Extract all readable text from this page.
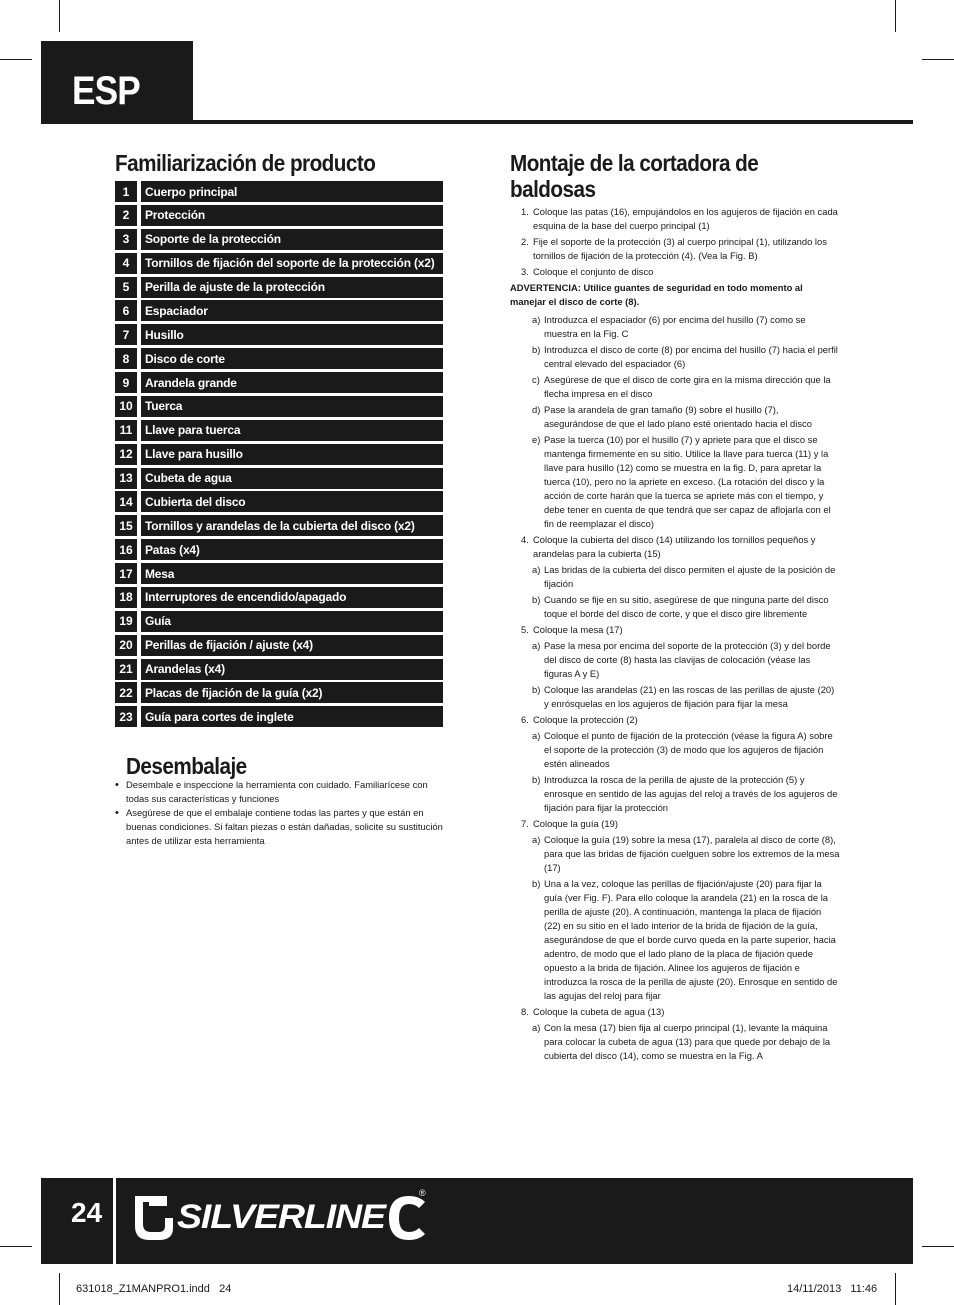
ESP
Familiarización de producto
1	Cuerpo principal
2	Protección
3	Soporte de la protección
4	Tornillos de fijación del soporte de la protección (x2)
5	Perilla de ajuste de la protección
6	Espaciador
7	Husillo
8	Disco de corte
9	Arandela grande
10	Tuerca
11	Llave para tuerca
12	Llave para husillo
13	Cubeta de agua
14	Cubierta del disco
15	Tornillos y arandelas de la cubierta del disco (x2)
16	Patas (x4)
17	Mesa
18	Interruptores de encendido/apagado
19	Guía
20	Perillas de fijación / ajuste (x4)
21	Arandelas (x4)
22	Placas de fijación de la guía (x2)
23	Guía para cortes de inglete
Desembalaje
• Desembale e inspeccione la herramienta con cuidado. Familiarícese con todas sus características y funciones
• Asegúrese de que el embalaje contiene todas las partes y que están en buenas condiciones. Si faltan piezas o están dañadas, solicite su sustitución antes de utilizar esta herramienta
Montaje de la cortadora de baldosas
1. Coloque las patas (16), empujándolos en los agujeros de fijación en cada esquina de la base del cuerpo principal (1)
2. Fije el soporte de la protección (3) al cuerpo principal (1), utilizando los tornillos de fijación de la protección (4). (Vea la Fig. B)
3. Coloque el conjunto de disco
ADVERTENCIA: Utilice guantes de seguridad en todo momento al manejar el disco de corte (8).
a) Introduzca el espaciador (6) por encima del husillo (7) como se muestra en la Fig. C
b) Introduzca el disco de corte (8) por encima del husillo (7) hacia el perfil central elevado del espaciador (6)
c) Asegúrese de que el disco de corte gira en la misma dirección que la flecha impresa en el disco
d) Pase la arandela de gran tamaño (9) sobre el husillo (7), asegurándose de que el lado plano esté orientado hacia el disco
e) Pase la tuerca (10) por el husillo (7) y apriete para que el disco se mantenga firmemente en su sitio. Utilice la llave para tuerca (11) y la llave para husillo (12) como se muestra en la fig. D, para apretar la tuerca (10), pero no la apriete en exceso. (La rotación del disco y la acción de corte harán que la tuerca se apriete más con el tiempo, y debe tener en cuenta de que tendrá que ser capaz de aflojarla con el fin de reemplazar el disco)
4. Coloque la cubierta del disco (14) utilizando los tornillos pequeños y arandelas para la cubierta (15)
a) Las bridas de la cubierta del disco permiten el ajuste de la posición de fijación
b) Cuando se fije en su sitio, asegúrese de que ninguna parte del disco toque el borde del disco de corte, y que el disco gire libremente
5. Coloque la mesa (17)
a) Pase la mesa por encima del soporte de la protección (3) y del borde del disco de corte (8) hasta las clavijas de colocación (véase las figuras A y E)
b) Coloque las arandelas (21) en las roscas de las perillas de ajuste (20) y enrósquelas en los agujeros de fijación para fijar la mesa
6. Coloque la protección (2)
a) Coloque el punto de fijación de la protección (véase la figura A) sobre el soporte de la protección (3) de modo que los agujeros de fijación estén alineados
b) Introduzca la rosca de la perilla de ajuste de la protección (5) y enrosque en sentido de las agujas del reloj a través de los agujeros de fijación para fijar la protección
7. Coloque la guía (19)
a) Coloque la guía (19) sobre la mesa (17), paralela al disco de corte (8), para que las bridas de fijación cuelguen sobre los extremos de la mesa (17)
b) Una a la vez, coloque las perillas de fijación/ajuste (20) para fijar la guía (ver Fig. F). Para ello coloque la arandela (21) en la rosca de la perilla de ajuste (20). A continuación, mantenga la placa de fijación (22) en su sitio en el lado interior de la brida de fijación de la guía, asegurándose de que el borde curvo queda en la parte superior, hacia adentro, de modo que el lado plano de la placa de fijación quede opuesto a la brida de fijación. Alinee los agujeros de fijación e introduzca la rosca de la perilla de ajuste (20). Enrosque en sentido de las agujas del reloj para fijar
8. Coloque la cubeta de agua (13)
a) Con la mesa (17) bien fija al cuerpo principal (1), levante la máquina para colocar la cubeta de agua (13) para que quede por debajo de la cubierta del disco (14), como se muestra en la Fig. A
24 SILVERLINE
®
631018_Z1MANPRO1.indd   24	14/11/2013   11:46
